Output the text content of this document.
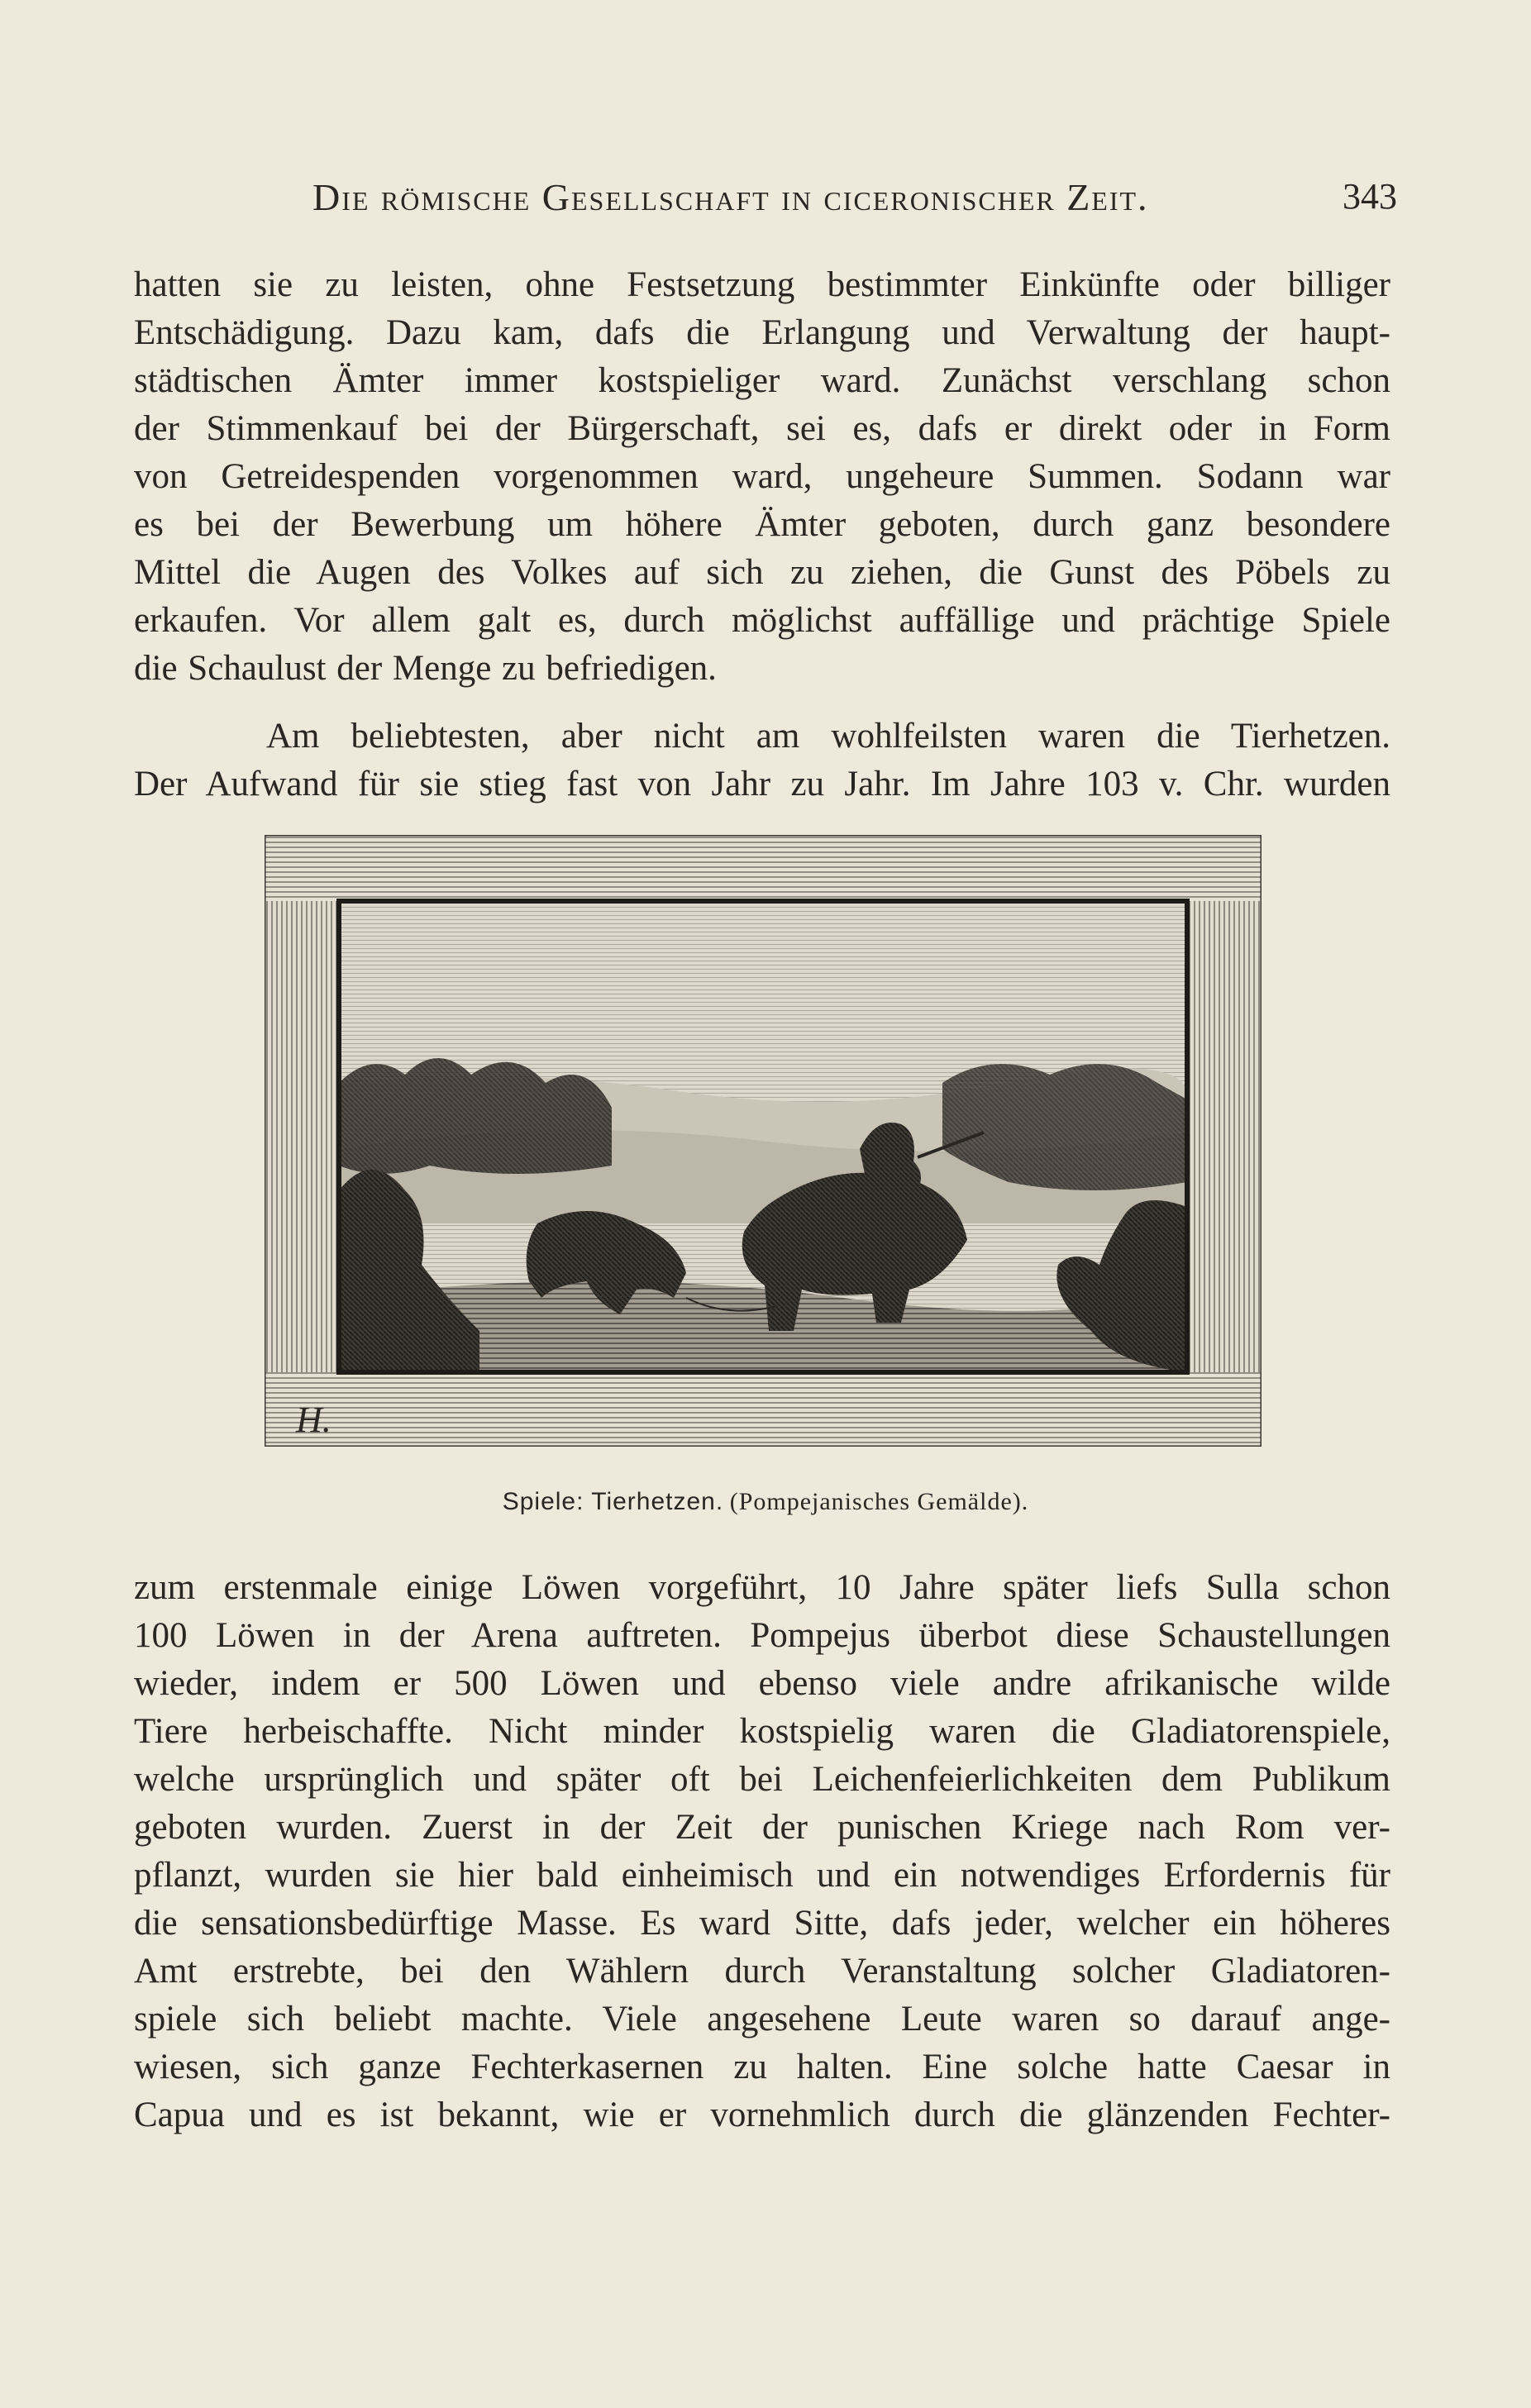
Die römische Gesellschaft in ciceronischer Zeit.	343
hatten sie zu leisten, ohne Festsetzung bestimmter Einkünfte oder billiger
Entschädigung. Dazu kam, dafs die Erlangung und Verwaltung der haupt-
städtischen Ämter immer kostspieliger ward. Zunächst verschlang schon
der Stimmenkauf bei der Bürgerschaft, sei es, dafs er direkt oder in Form
von Getreidespenden vorgenommen ward, ungeheure Summen. Sodann war
es bei der Bewerbung um höhere Ämter geboten, durch ganz besondere
Mittel die Augen des Volkes auf sich zu ziehen, die Gunst des Pöbels zu
erkaufen. Vor allem galt es, durch möglichst auffällige und prächtige Spiele
die Schaulust der Menge zu befriedigen.
Am beliebtesten, aber nicht am wohlfeilsten waren die Tierhetzen.
Der Aufwand für sie stieg fast von Jahr zu Jahr. Im Jahre 103 v. Chr. wurden
H.
Spiele: Tierhetzen. (Pompejanisches Gemälde).
zum erstenmale einige Löwen vorgeführt, 10 Jahre später liefs Sulla schon
100 Löwen in der Arena auftreten. Pompejus überbot diese Schaustellungen
wieder, indem er 500 Löwen und ebenso viele andre afrikanische wilde
Tiere herbeischaffte. Nicht minder kostspielig waren die Gladiatorenspiele,
welche ursprünglich und später oft bei Leichenfeierlichkeiten dem Publikum
geboten wurden. Zuerst in der Zeit der punischen Kriege nach Rom ver-
pflanzt, wurden sie hier bald einheimisch und ein notwendiges Erfordernis für
die sensationsbedürftige Masse. Es ward Sitte, dafs jeder, welcher ein höheres
Amt erstrebte, bei den Wählern durch Veranstaltung solcher Gladiatoren-
spiele sich beliebt machte. Viele angesehene Leute waren so darauf ange-
wiesen, sich ganze Fechterkasernen zu halten. Eine solche hatte Caesar in
Capua und es ist bekannt, wie er vornehmlich durch die glänzenden Fechter-
